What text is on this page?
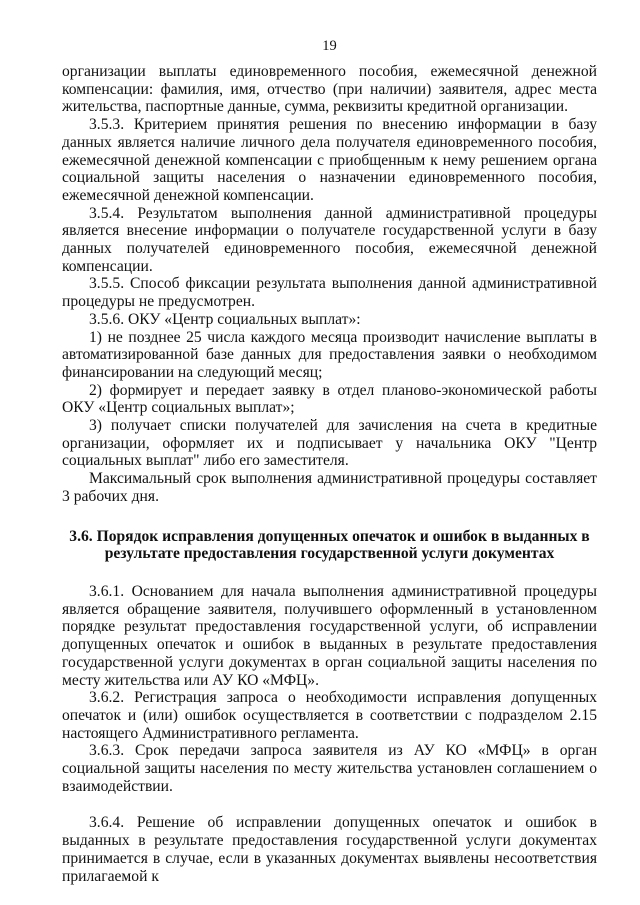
19

организации выплаты единовременного пособия, ежемесячной денежной компенсации: фамилия, имя, отчество (при наличии) заявителя, адрес места жительства, паспортные данные, сумма, реквизиты кредитной организации.

3.5.3. Критерием принятия решения по внесению информации в базу данных является наличие личного дела получателя единовременного пособия, ежемесячной денежной компенсации с приобщенным к нему решением органа социальной защиты населения о назначении единовременного пособия, ежемесячной денежной компенсации.

3.5.4. Результатом выполнения данной административной процедуры является внесение информации о получателе государственной услуги в базу данных получателей единовременного пособия, ежемесячной денежной компенсации.

3.5.5. Способ фиксации результата выполнения данной административной процедуры не предусмотрен.

3.5.6. ОКУ «Центр социальных выплат»:

1) не позднее 25 числа каждого месяца производит начисление выплаты в автоматизированной базе данных для предоставления заявки о необходимом финансировании на следующий месяц;

2) формирует и передает заявку в отдел планово-экономической работы ОКУ «Центр социальных выплат»;

3) получает списки получателей для зачисления на счета в кредитные организации, оформляет их и подписывает у начальника ОКУ "Центр социальных выплат" либо его заместителя.

Максимальный срок выполнения административной процедуры составляет 3 рабочих дня.

3.6. Порядок исправления допущенных опечаток и ошибок в выданных в
результате предоставления государственной услуги документах

3.6.1. Основанием для начала выполнения административной процедуры является обращение заявителя, получившего оформленный в установленном порядке результат предоставления государственной услуги, об исправлении допущенных опечаток и ошибок в выданных в результате предоставления государственной услуги документах в орган социальной защиты населения по месту жительства или АУ КО «МФЦ».

3.6.2. Регистрация запроса о необходимости исправления допущенных опечаток и (или) ошибок осуществляется в соответствии с подразделом 2.15 настоящего Административного регламента.

3.6.3. Срок передачи запроса заявителя из АУ КО «МФЦ» в орган социальной защиты населения по месту жительства установлен соглашением о взаимодействии.

3.6.4. Решение об исправлении допущенных опечаток и ошибок в выданных в результате предоставления государственной услуги документах принимается в случае, если в указанных документах выявлены несоответствия прилагаемой к
